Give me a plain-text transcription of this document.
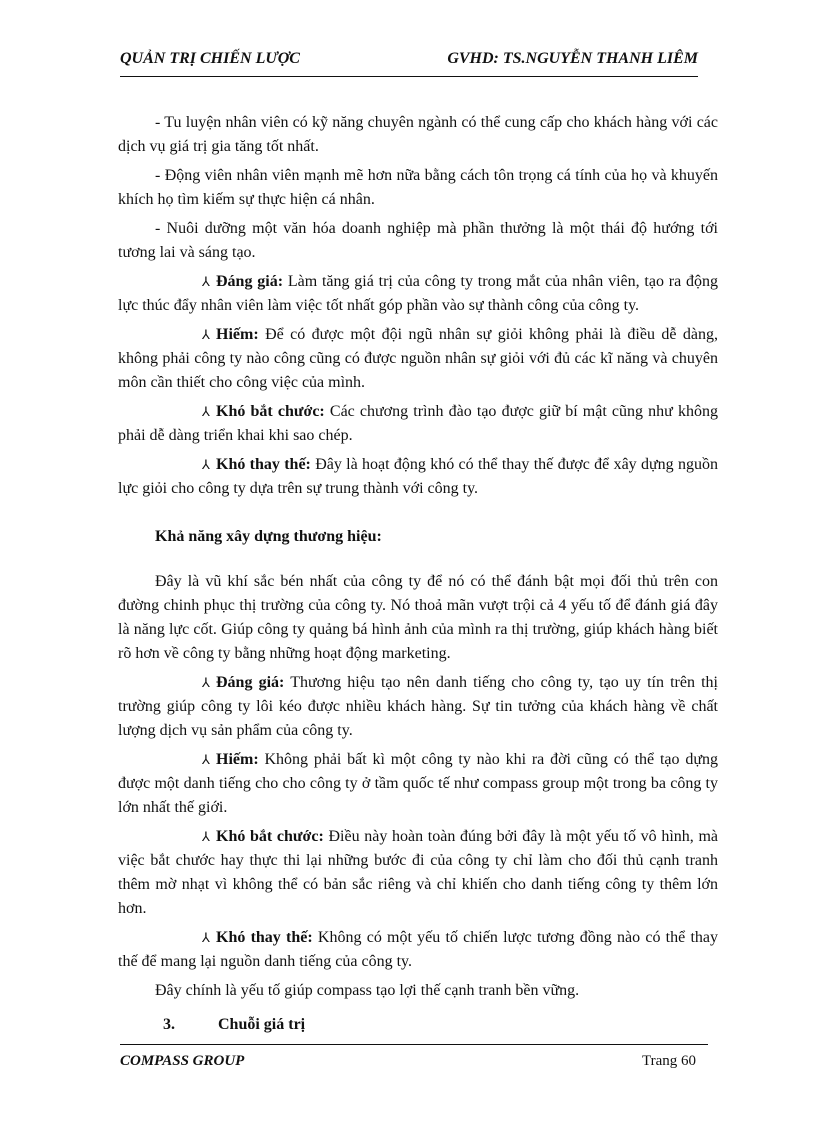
QUẢN TRỊ CHIẾN LƯỢC	GVHD: TS.NGUYỄN THANH LIÊM

- Tu luyện nhân viên có kỹ năng chuyên ngành có thể cung cấp cho khách hàng với các dịch vụ giá trị gia tăng tốt nhất.

- Động viên nhân viên mạnh mẽ hơn nữa bằng cách tôn trọng cá tính của họ và khuyến khích họ tìm kiếm sự thực hiện cá nhân.

- Nuôi dưỡng một văn hóa doanh nghiệp mà phần thưởng là một thái độ hướng tới tương lai và sáng tạo.

⅄ Đáng giá: Làm tăng giá trị của công ty trong mắt của nhân viên, tạo ra động lực thúc đẩy nhân viên làm việc tốt nhất góp phần vào sự thành công của công ty.

⅄ Hiếm: Để có được một đội ngũ nhân sự giỏi không phải là điều dễ dàng, không phải công ty nào công cũng có được nguồn nhân sự giỏi với đủ các kĩ năng và chuyên môn cần thiết cho công việc của mình.

⅄ Khó bắt chước: Các chương trình đào tạo được giữ bí mật cũng như không phải dễ dàng triển khai khi sao chép.

⅄ Khó thay thế: Đây là hoạt động khó có thể thay thế được để xây dựng nguồn lực giỏi cho công ty dựa trên sự trung thành với công ty.

Khả năng xây dựng thương hiệu:

Đây là vũ khí sắc bén nhất của công ty để nó có thể đánh bật mọi đối thủ trên con đường chinh phục thị trường của công ty. Nó thoả mãn vượt trội cả 4 yếu tố để đánh giá đây là năng lực cốt. Giúp công ty quảng bá hình ảnh của mình ra thị trường, giúp khách hàng biết rõ hơn về công ty bằng những hoạt động marketing.

⅄ Đáng giá: Thương hiệu tạo nên danh tiếng cho công ty, tạo uy tín trên thị trường giúp công ty lôi kéo được nhiều khách hàng. Sự tin tưởng của khách hàng về chất lượng dịch vụ sản phẩm của công ty.

⅄ Hiếm: Không phải bất kì một công ty nào khi ra đời cũng có thể tạo dựng được một danh tiếng cho cho công ty ở tầm quốc tế như compass group một trong ba công ty lớn nhất thế giới.

⅄ Khó bắt chước: Điều này hoàn toàn đúng bởi đây là một yếu tố vô hình, mà việc bắt chước hay thực thi lại những bước đi của công ty chỉ làm cho đối thủ cạnh tranh thêm mờ nhạt vì không thể có bản sắc riêng và chỉ khiến cho danh tiếng công ty thêm lớn hơn.

⅄ Khó thay thế: Không có một yếu tố chiến lược tương đồng nào có thể thay thế để mang lại nguồn danh tiếng của công ty.

Đây chính là yếu tố giúp compass tạo lợi thế cạnh tranh bền vững.

3.	Chuỗi giá trị

COMPASS GROUP	Trang 60
